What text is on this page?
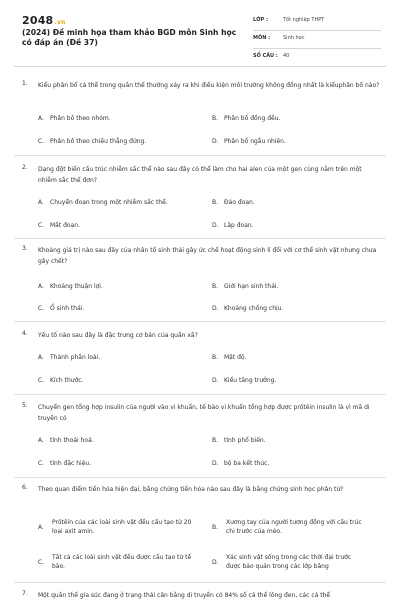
2048.vn
(2024) Đề minh họa tham khảo BGD môn Sinh học có đáp án (Đề 37)
LỚP :	Tốt nghiệp THPT
MÔN :	Sinh học
SỐ CÂU : 40
1. Kiểu phân bố cá thể trong quần thể thường xảy ra khi điều kiện môi trường không đồng nhất là kiểuphân bố nào?
A. Phân bố theo nhóm.	B. Phân bố đồng đều.
C. Phân bố theo chiều thẳng đứng.	D. Phân bố ngẫu nhiên.
2. Dạng đột biến cấu trúc nhiễm sắc thể nào sau đây có thể làm cho hai alen của một gen cùng nằm trên một nhiễm sắc thể đơn?
A. Chuyển đoạn trong một nhiễm sắc thể.	B. Đảo đoạn.
C. Mất đoạn.	D. Lặp đoạn.
3. Khoảng giá trị nào sau đây của nhân tố sinh thái gây ức chế hoạt động sinh lí đối với cơ thể sinh vật nhưng chưa gây chết?
A. Khoảng thuận lợi.	B. Giới hạn sinh thái.
C. Ổ sinh thái.	D. Khoảng chống chịu.
4. Yếu tố nào sau đây là đặc trưng cơ bản của quần xã?
A. Thành phần loài.	B. Mật độ.
C. Kích thước.	D. Kiểu tăng trưởng.
5. Chuyển gen tổng hợp insulin của người vào vi khuẩn, tế bào vi khuẩn tổng hợp được prôtêin insulin là vì mã di truyền có
A. tính thoái hoá.	B. tính phổ biến.
C. tính đặc hiệu.	D. bộ ba kết thúc.
6. Theo quan điểm tiến hóa hiện đại, bằng chứng tiến hóa nào sau đây là bằng chứng sinh học phân tử?
A.
Prôtêin của các loài sinh vật đều cấu tạo từ 20 loại axit amin.
B.
Xương tay của người tương đồng với cấu trúc chi trước của mèo.
C.
Tất cả các loài sinh vật đều được cấu tạo từ tế bào.
D.
Xác sinh vật sống trong các thời đại trước được bảo quản trong các lớp băng
7. Một quần thể gia súc đang ở trạng thái cân bằng di truyền có 84% số cá thể lông đen, các cá thể
